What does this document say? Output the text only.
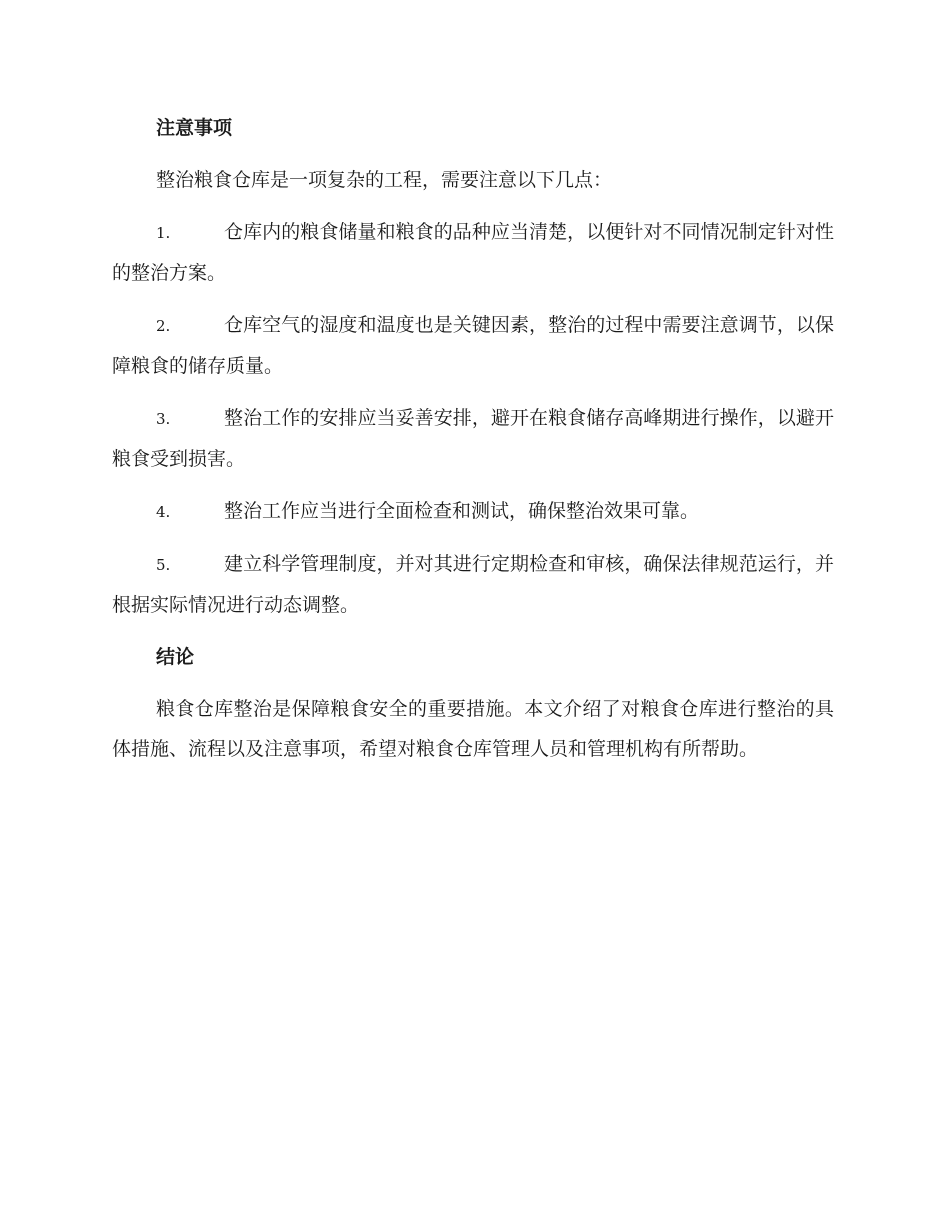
注意事项

整治粮食仓库是一项复杂的工程，需要注意以下几点：

1.	仓库内的粮食储量和粮食的品种应当清楚，以便针对不同情况制定针对性的整治方案。

2.	仓库空气的湿度和温度也是关键因素，整治的过程中需要注意调节，以保障粮食的储存质量。

3.	整治工作的安排应当妥善安排，避开在粮食储存高峰期进行操作，以避开粮食受到损害。

4.	整治工作应当进行全面检查和测试，确保整治效果可靠。

5.	建立科学管理制度，并对其进行定期检查和审核，确保法律规范运行，并根据实际情况进行动态调整。

结论

粮食仓库整治是保障粮食安全的重要措施。本文介绍了对粮食仓库进行整治的具体措施、流程以及注意事项，希望对粮食仓库管理人员和管理机构有所帮助。
